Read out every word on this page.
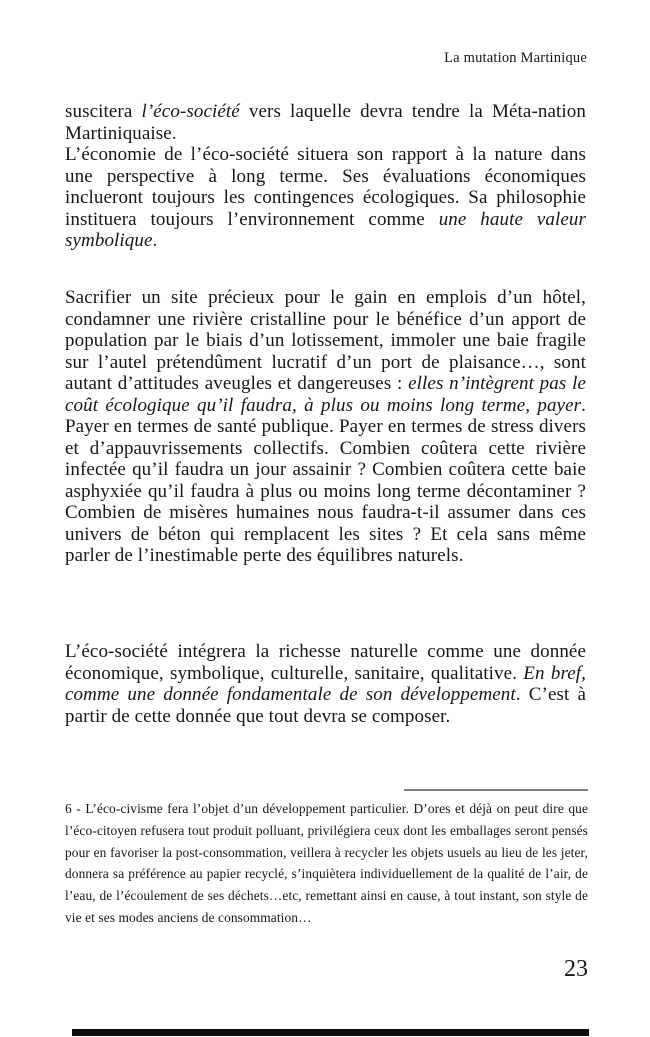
La mutation Martinique

suscitera l’éco-société vers laquelle devra tendre la Méta-nation Martiniquaise.

L’économie de l’éco-société situera son rapport à la nature dans une perspective à long terme. Ses évaluations économiques inclueront toujours les contingences écologiques. Sa philosophie instituera toujours l’environnement comme une haute valeur symbolique.

Sacrifier un site précieux pour le gain en emplois d’un hôtel, condamner une rivière cristalline pour le bénéfice d’un apport de population par le biais d’un lotissement, immoler une baie fragile sur l’autel prétendûment lucratif d’un port de plaisance…, sont autant d’attitudes aveugles et dangereuses : elles n’intègrent pas le coût écologique qu’il faudra, à plus ou moins long terme, payer. Payer en termes de santé publique. Payer en termes de stress divers et d’appauvrissements collectifs. Combien coûtera cette rivière infectée qu’il faudra un jour assainir ? Combien coûtera cette baie asphyxiée qu’il faudra à plus ou moins long terme décontaminer ? Combien de misères humaines nous faudra-t-il assumer dans ces univers de béton qui remplacent les sites ? Et cela sans même parler de l’inestimable perte des équilibres naturels.

L’éco-société intégrera la richesse naturelle comme une donnée économique, symbolique, culturelle, sanitaire, qualitative. En bref, comme une donnée fondamentale de son développement. C’est à partir de cette donnée que tout devra se composer.

6 - L’éco-civisme fera l’objet d’un développement particulier. D’ores et déjà on peut dire que l’éco-citoyen refusera tout produit polluant, privilégiera ceux dont les emballages seront pensés pour en favoriser la post-consommation, veillera à recycler les objets usuels au lieu de les jeter, donnera sa préférence au papier recyclé, s’inquiètera individuellement de la qualité de l’air, de l’eau, de l’écoulement de ses déchets…etc, remettant ainsi en cause, à tout instant, son style de vie et ses modes anciens de consommation…
23
